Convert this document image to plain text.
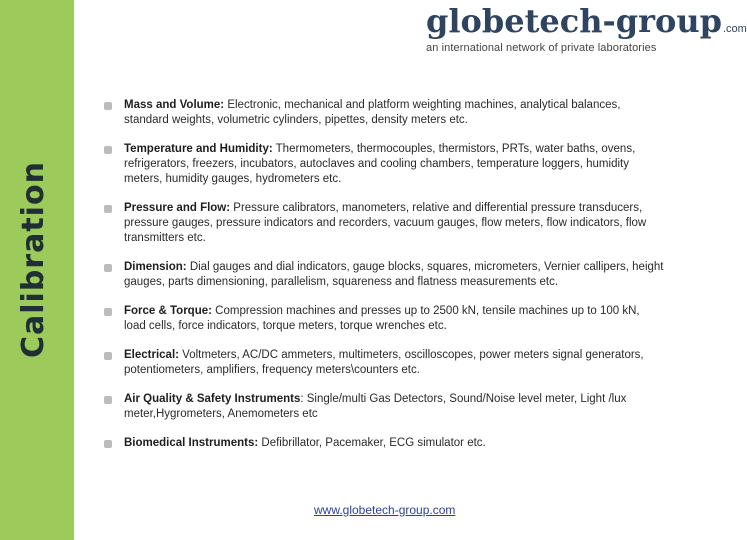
Calibration
globetech-group.com
an international network of private laboratories
Mass and Volume: Electronic, mechanical and platform weighting machines, analytical balances, standard weights, volumetric cylinders, pipettes, density meters etc.
Temperature and Humidity: Thermometers, thermocouples, thermistors, PRTs, water baths, ovens, refrigerators, freezers, incubators, autoclaves and cooling chambers, temperature loggers, humidity meters, humidity gauges, hydrometers etc.
Pressure and Flow: Pressure calibrators, manometers, relative and differential pressure transducers, pressure gauges, pressure indicators and recorders, vacuum gauges, flow meters, flow indicators, flow transmitters etc.
Dimension: Dial gauges and dial indicators, gauge blocks, squares, micrometers, Vernier callipers, height gauges, parts dimensioning, parallelism, squareness and flatness measurements etc.
Force & Torque: Compression machines and presses up to 2500 kN, tensile machines up to 100 kN, load cells, force indicators, torque meters, torque wrenches etc.
Electrical: Voltmeters, AC/DC ammeters, multimeters, oscilloscopes, power meters signal generators, potentiometers, amplifiers, frequency meters\counters etc.
Air Quality & Safety Instruments: Single/multi Gas Detectors, Sound/Noise level meter, Light /lux meter,Hygrometers, Anemometers etc
Biomedical Instruments: Defibrillator, Pacemaker, ECG simulator etc.
www.globetech-group.com
